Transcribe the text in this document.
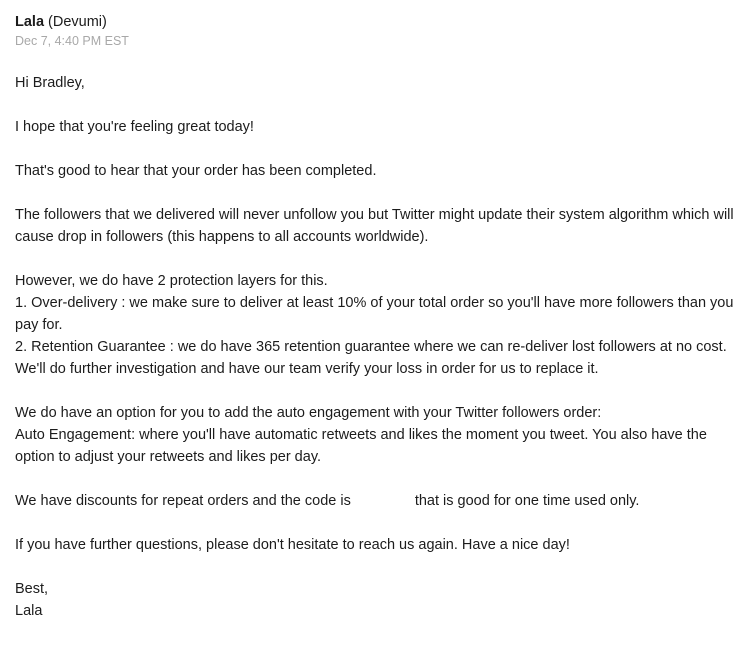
Lala (Devumi)
Dec 7, 4:40 PM EST

Hi Bradley,

I hope that you're feeling great today!

That's good to hear that your order has been completed.

The followers that we delivered will never unfollow you but Twitter might update their system algorithm which will cause drop in followers (this happens to all accounts worldwide).

However, we do have 2 protection layers for this.
1. Over-delivery : we make sure to deliver at least 10% of your total order so you'll have more followers than you pay for.
2. Retention Guarantee : we do have 365 retention guarantee where we can re-deliver lost followers at no cost. We'll do further investigation and have our team verify your loss in order for us to replace it.

We do have an option for you to add the auto engagement with your Twitter followers order:
Auto Engagement: where you'll have automatic retweets and likes the moment you tweet. You also have the option to adjust your retweets and likes per day.

We have discounts for repeat orders and the code is	that is good for one time used only.

If you have further questions, please don't hesitate to reach us again. Have a nice day!

Best,
Lala
